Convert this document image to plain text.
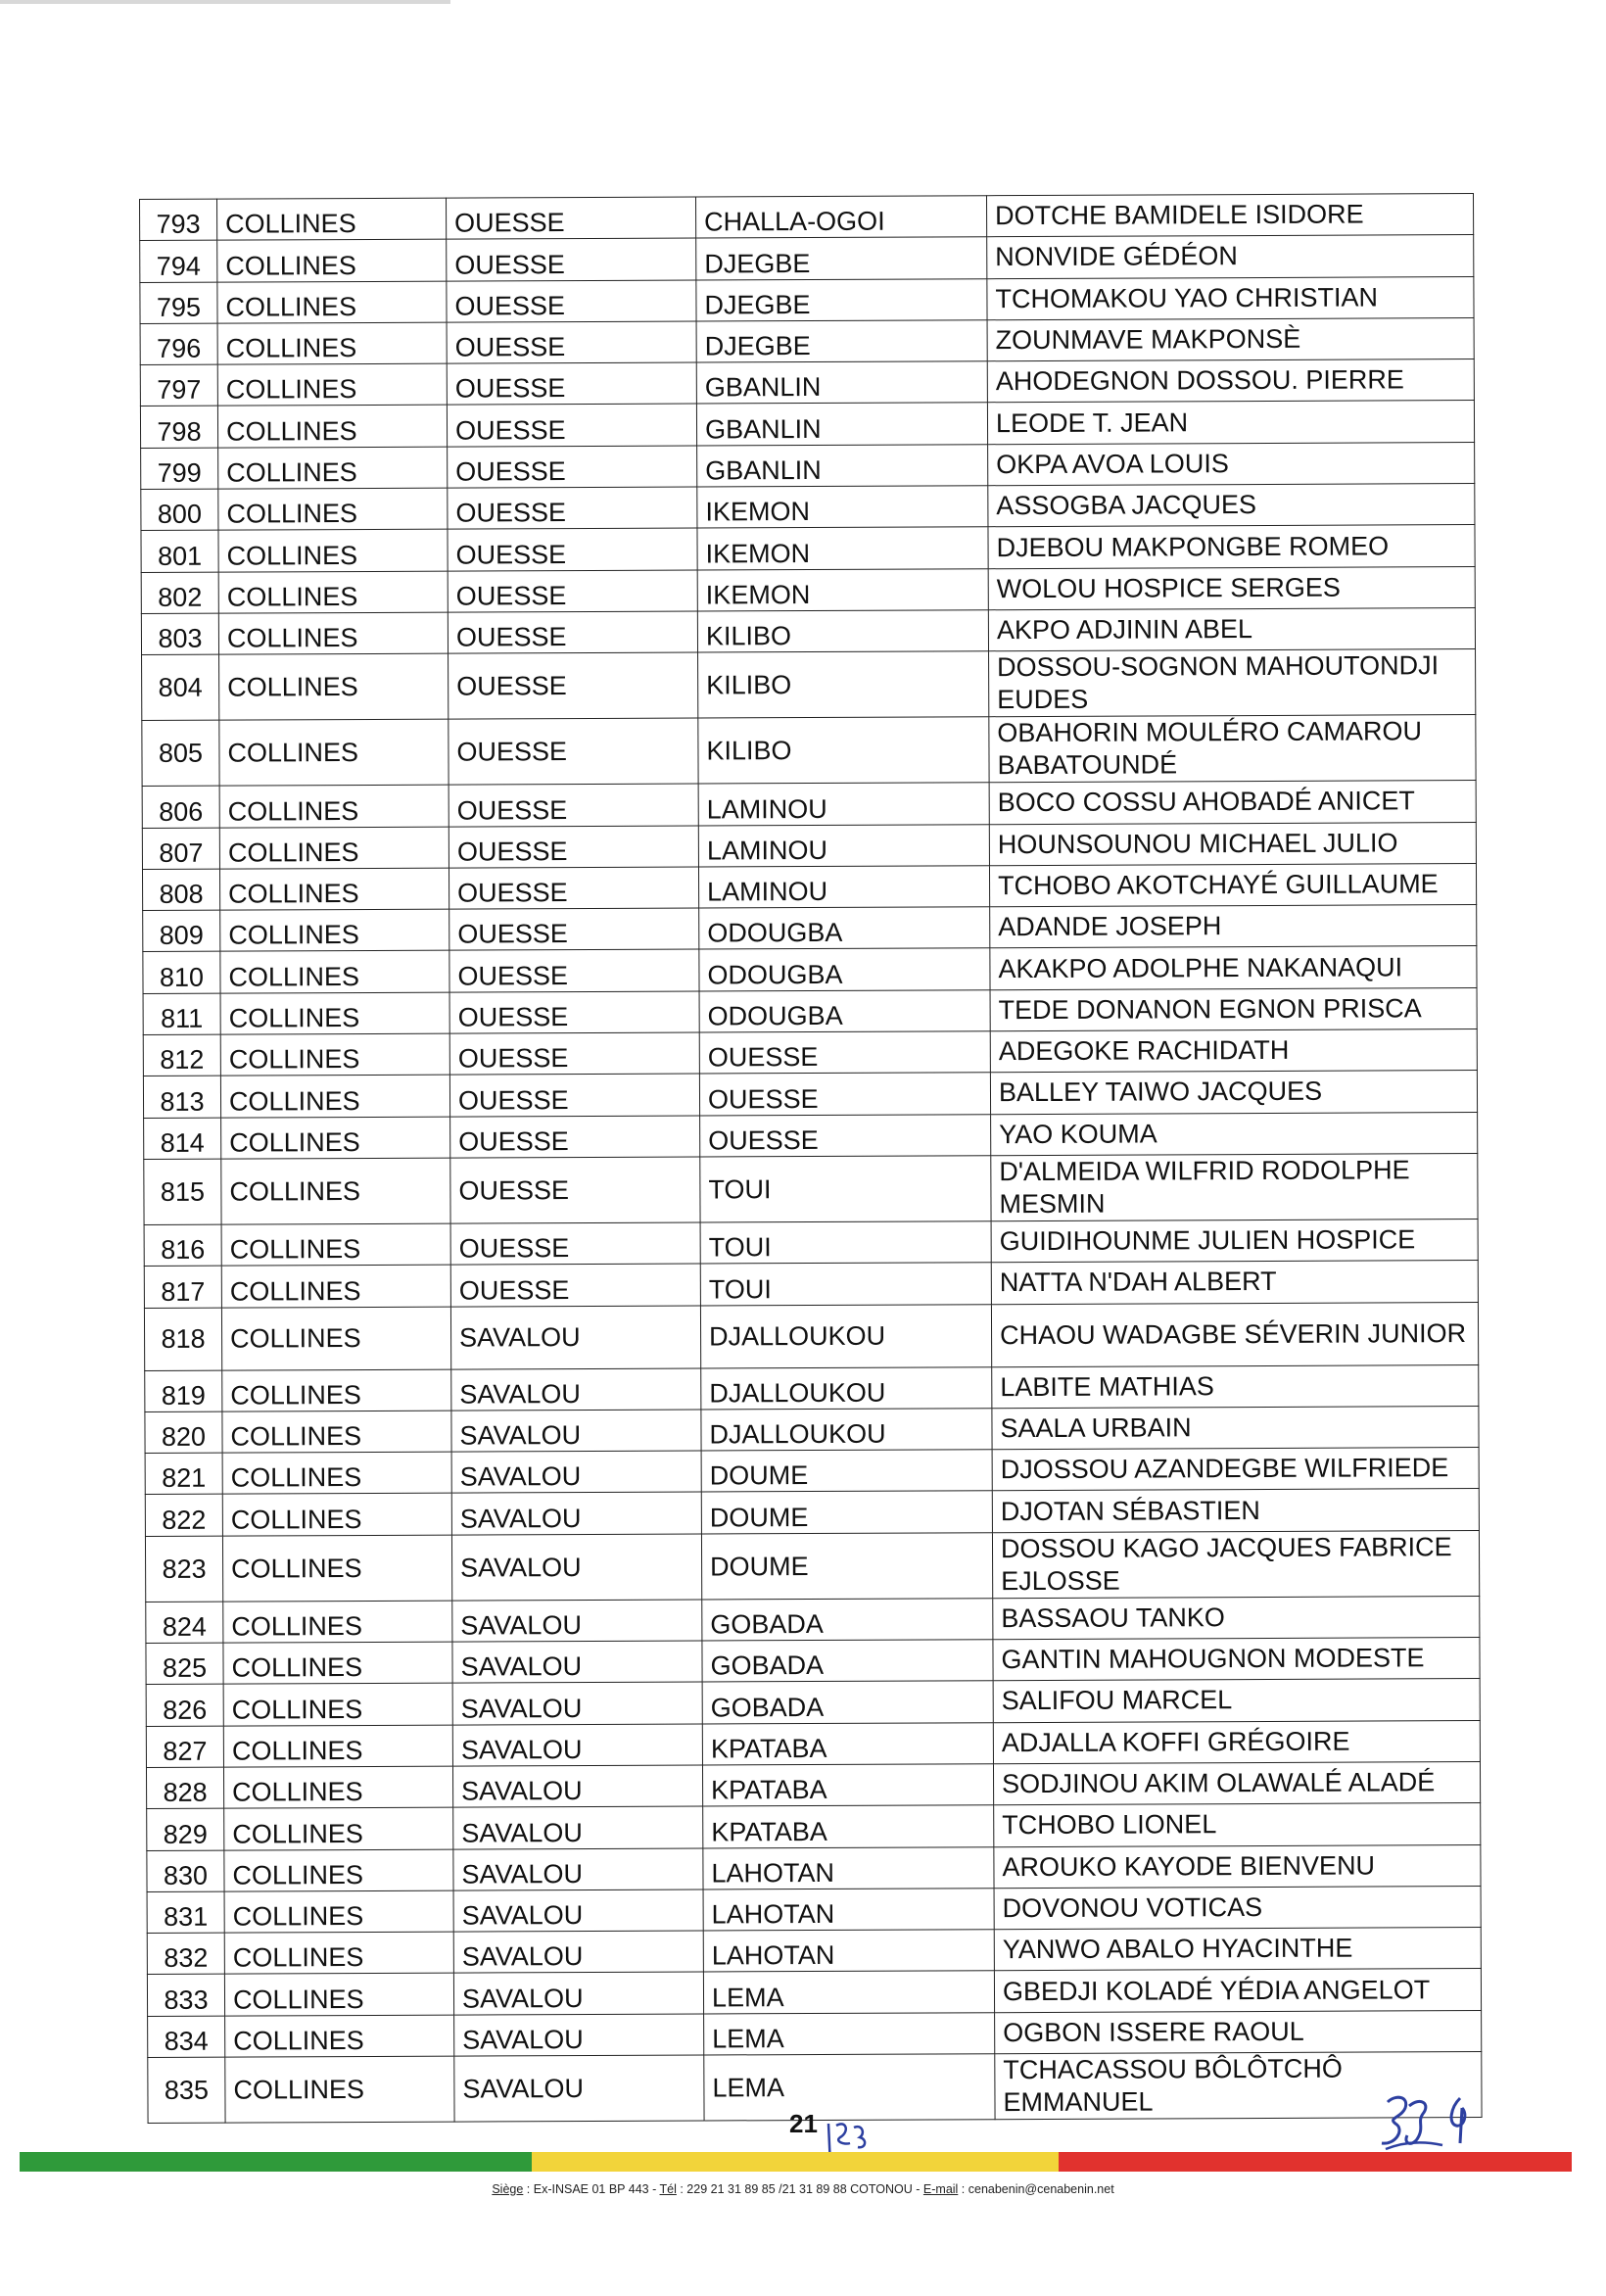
793	COLLINES	OUESSE	CHALLA-OGOI	DOTCHE BAMIDELE ISIDORE
794	COLLINES	OUESSE	DJEGBE	NONVIDE GÉDÉON
795	COLLINES	OUESSE	DJEGBE	TCHOMAKOU YAO CHRISTIAN
796	COLLINES	OUESSE	DJEGBE	ZOUNMAVE MAKPONSÈ
797	COLLINES	OUESSE	GBANLIN	AHODEGNON DOSSOU. PIERRE
798	COLLINES	OUESSE	GBANLIN	LEODE T. JEAN
799	COLLINES	OUESSE	GBANLIN	OKPA AVOA LOUIS
800	COLLINES	OUESSE	IKEMON	ASSOGBA JACQUES
801	COLLINES	OUESSE	IKEMON	DJEBOU MAKPONGBE ROMEO
802	COLLINES	OUESSE	IKEMON	WOLOU HOSPICE SERGES
803	COLLINES	OUESSE	KILIBO	AKPO ADJININ ABEL
804	COLLINES	OUESSE	KILIBO	DOSSOU-SOGNON MAHOUTONDJI EUDES
805	COLLINES	OUESSE	KILIBO	OBAHORIN MOULÉRO CAMAROU BABATOUNDÉ
806	COLLINES	OUESSE	LAMINOU	BOCO COSSU AHOBADÉ ANICET
807	COLLINES	OUESSE	LAMINOU	HOUNSOUNOU MICHAEL JULIO
808	COLLINES	OUESSE	LAMINOU	TCHOBO AKOTCHAYÉ GUILLAUME
809	COLLINES	OUESSE	ODOUGBA	ADANDE JOSEPH
810	COLLINES	OUESSE	ODOUGBA	AKAKPO ADOLPHE NAKANAQUI
811	COLLINES	OUESSE	ODOUGBA	TEDE DONANON EGNON PRISCA
812	COLLINES	OUESSE	OUESSE	ADEGOKE RACHIDATH
813	COLLINES	OUESSE	OUESSE	BALLEY TAIWO JACQUES
814	COLLINES	OUESSE	OUESSE	YAO KOUMA
815	COLLINES	OUESSE	TOUI	D'ALMEIDA WILFRID RODOLPHE MESMIN
816	COLLINES	OUESSE	TOUI	GUIDIHOUNME JULIEN HOSPICE
817	COLLINES	OUESSE	TOUI	NATTA N'DAH ALBERT
818	COLLINES	SAVALOU	DJALLOUKOU	CHAOU WADAGBE SÉVERIN JUNIOR
819	COLLINES	SAVALOU	DJALLOUKOU	LABITE MATHIAS
820	COLLINES	SAVALOU	DJALLOUKOU	SAALA URBAIN
821	COLLINES	SAVALOU	DOUME	DJOSSOU AZANDEGBE WILFRIEDE
822	COLLINES	SAVALOU	DOUME	DJOTAN SÉBASTIEN
823	COLLINES	SAVALOU	DOUME	DOSSOU KAGO JACQUES FABRICE EJLOSSE
824	COLLINES	SAVALOU	GOBADA	BASSAOU TANKO
825	COLLINES	SAVALOU	GOBADA	GANTIN MAHOUGNON MODESTE
826	COLLINES	SAVALOU	GOBADA	SALIFOU MARCEL
827	COLLINES	SAVALOU	KPATABA	ADJALLA KOFFI GRÉGOIRE
828	COLLINES	SAVALOU	KPATABA	SODJINOU AKIM OLAWALÉ ALADÉ
829	COLLINES	SAVALOU	KPATABA	TCHOBO LIONEL
830	COLLINES	SAVALOU	LAHOTAN	AROUKO KAYODE BIENVENU
831	COLLINES	SAVALOU	LAHOTAN	DOVONOU VOTICAS
832	COLLINES	SAVALOU	LAHOTAN	YANWO ABALO HYACINTHE
833	COLLINES	SAVALOU	LEMA	GBEDJI KOLADÉ YÉDIA ANGELOT
834	COLLINES	SAVALOU	LEMA	OGBON ISSERE RAOUL
835	COLLINES	SAVALOU	LEMA	TCHACASSOU BÔLÔTCHÔ EMMANUEL
21
Siège : Ex-INSAE 01 BP 443 - Tél : 229 21 31 89 85 /21 31 89 88 COTONOU - E-mail : cenabenin@cenabenin.net
